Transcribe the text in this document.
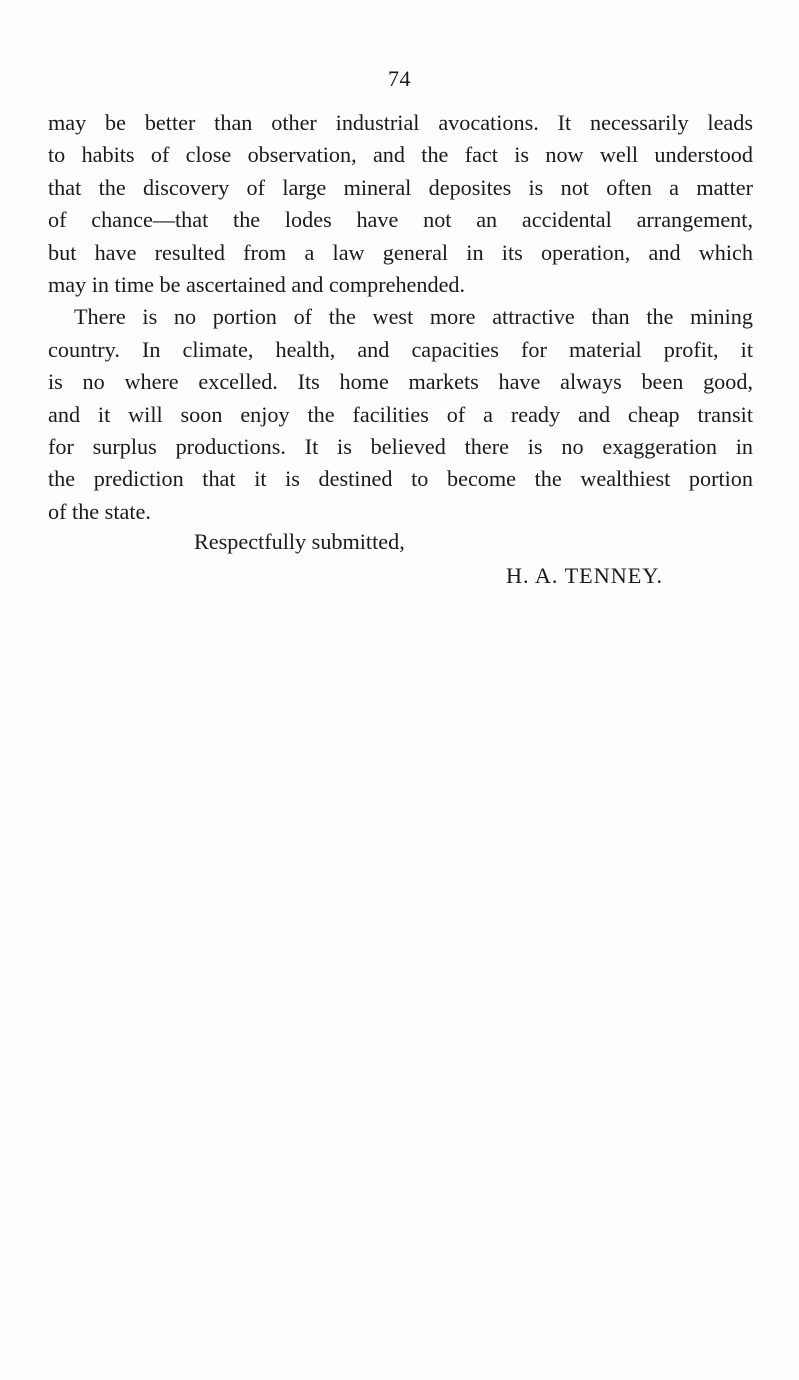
74
may be better than other industrial avocations. It necessarily leads
to habits of close observation, and the fact is now well understood
that the discovery of large mineral deposites is not often a matter
of chance—that the lodes have not an accidental arrangement,
but have resulted from a law general in its operation, and which
may in time be ascertained and comprehended.
There is no portion of the west more attractive than the mining
country. In climate, health, and capacities for material profit, it
is no where excelled. Its home markets have always been good,
and it will soon enjoy the facilities of a ready and cheap transit
for surplus productions. It is believed there is no exaggeration in
the prediction that it is destined to become the wealthiest portion
of the state.
Respectfully submitted,
H. A. TENNEY.
